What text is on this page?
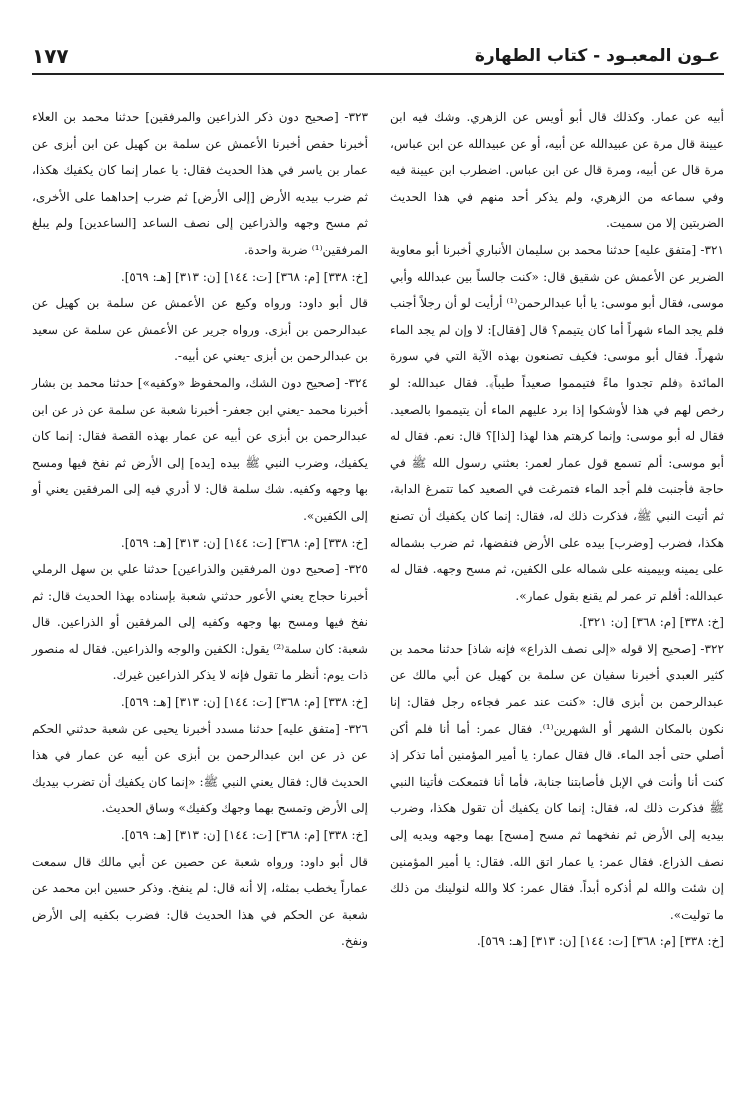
١٧٧	عـون المعبـود - كتاب الطهارة

أبيه عن عمار. وكذلك قال أبو أويس عن الزهري. وشك فيه ابن عيينة قال مرة عن عبيدالله عن أبيه، أو عن عبيدالله عن ابن عباس، مرة قال عن أبيه، ومرة قال عن ابن عباس. اضطرب ابن عيينة فيه وفي سماعه من الزهري، ولم يذكر أحد منهم في هذا الحديث الضربتين إلا من سميت.

٣٢١- [متفق عليه] حدثنا محمد بن سليمان الأنباري أخبرنا أبو معاوية الضرير عن الأعمش عن شقيق قال: «كنت جالساً بين عبدالله وأبي موسى، فقال أبو موسى: يا أبا عبدالرحمن⁽¹⁾ أرأيت لو أن رجلاً أجنب فلم يجد الماء شهراً أما كان يتيمم؟ قال [فقال]: لا وإن لم يجد الماء شهراً. فقال أبو موسى: فكيف تصنعون بهذه الآية التي في سورة المائدة ﴿فلم تجدوا ماءً فتيمموا صعيداً طيباً﴾. فقال عبدالله: لو رخص لهم في هذا لأوشكوا إذا برد عليهم الماء أن يتيمموا بالصعيد. فقال له أبو موسى: وإنما كرهتم هذا لهذا [لذا]؟ قال: نعم. فقال له أبو موسى: ألم تسمع قول عمار لعمر: بعثني رسول الله ﷺ في حاجة فأجنبت فلم أجد الماء فتمرغت في الصعيد كما تتمرغ الدابة، ثم أتيت النبي ﷺ، فذكرت ذلك له، فقال: إنما كان يكفيك أن تصنع هكذا، فضرب [وضرب] بيده على الأرض فنفضها، ثم ضرب بشماله على يمينه وبيمينه على شماله على الكفين، ثم مسح وجهه. فقال له عبدالله: أفلم تر عمر لم يقنع بقول عمار».

[خ: ٣٣٨] [م: ٣٦٨] [ن: ٣٢١].

٣٢٢- [صحيح إلا قوله «إلى نصف الذراع» فإنه شاذ] حدثنا محمد بن كثير العبدي أخبرنا سفيان عن سلمة بن كهيل عن أبي مالك عن عبدالرحمن بن أبزى قال: «كنت عند عمر فجاءه رجل فقال: إنا نكون بالمكان الشهر أو الشهرين⁽¹⁾. فقال عمر: أما أنا فلم أكن أصلي حتى أجد الماء. قال فقال عمار: يا أمير المؤمنين أما تذكر إذ كنت أنا وأنت في الإبل فأصابتنا جنابة، فأما أنا فتمعكت فأتينا النبي ﷺ فذكرت ذلك له، فقال: إنما كان يكفيك أن تقول هكذا، وضرب بيديه إلى الأرض ثم نفخهما ثم مسح [مسح] بهما وجهه ويديه إلى نصف الذراع. فقال عمر: يا عمار اتق الله. فقال: يا أمير المؤمنين إن شئت والله لم أذكره أبداً. فقال عمر: كلا والله لنولينك من ذلك ما توليت».

[خ: ٣٣٨] [م: ٣٦٨] [ت: ١٤٤] [ن: ٣١٣] [هـ: ٥٦٩].

٣٢٣- [صحيح دون ذكر الذراعين والمرفقين] حدثنا محمد بن العلاء أخبرنا حفص أخبرنا الأعمش عن سلمة بن كهيل عن ابن أبزى عن عمار بن ياسر في هذا الحديث فقال: يا عمار إنما كان يكفيك هكذا، ثم ضرب بيديه الأرض [إلى الأرض] ثم ضرب إحداهما على الأخرى، ثم مسح وجهه والذراعين إلى نصف الساعد [الساعدين] ولم يبلغ المرفقين⁽¹⁾ ضربة واحدة.

[خ: ٣٣٨] [م: ٣٦٨] [ت: ١٤٤] [ن: ٣١٣] [هـ: ٥٦٩].

قال أبو داود: ورواه وكيع عن الأعمش عن سلمة بن كهيل عن عبدالرحمن بن أبزى. ورواه جرير عن الأعمش عن سلمة عن سعيد بن عبدالرحمن بن أبزى -يعني عن أبيه-.

٣٢٤- [صحيح دون الشك، والمحفوظ «وكفيه»] حدثنا محمد بن بشار أخبرنا محمد -يعني ابن جعفر- أخبرنا شعبة عن سلمة عن ذر عن ابن عبدالرحمن بن أبزى عن أبيه عن عمار بهذه القصة فقال: إنما كان يكفيك، وضرب النبي ﷺ بيده [يده] إلى الأرض ثم نفخ فيها ومسح بها وجهه وكفيه. شك سلمة قال: لا أدري فيه إلى المرفقين يعني أو إلى الكفين».

[خ: ٣٣٨] [م: ٣٦٨] [ت: ١٤٤] [ن: ٣١٣] [هـ: ٥٦٩].

٣٢٥- [صحيح دون المرفقين والذراعين] حدثنا علي بن سهل الرملي أخبرنا حجاج يعني الأعور حدثني شعبة بإسناده بهذا الحديث قال: ثم نفخ فيها ومسح بها وجهه وكفيه إلى المرفقين أو الذراعين. قال شعبة: كان سلمة⁽²⁾ يقول: الكفين والوجه والذراعين. فقال له منصور ذات يوم: أنظر ما تقول فإنه لا يذكر الذراعين غيرك.

[خ: ٣٣٨] [م: ٣٦٨] [ت: ١٤٤] [ن: ٣١٣] [هـ: ٥٦٩].

٣٢٦- [متفق عليه] حدثنا مسدد أخبرنا يحيى عن شعبة حدثني الحكم عن ذر عن ابن عبدالرحمن بن أبزى عن أبيه عن عمار في هذا الحديث قال: فقال يعني النبي ﷺ: «إنما كان يكفيك أن تضرب بيديك إلى الأرض وتمسح بهما وجهك وكفيك» وساق الحديث.

[خ: ٣٣٨] [م: ٣٦٨] [ت: ١٤٤] [ن: ٣١٣] [هـ: ٥٦٩].

قال أبو داود: ورواه شعبة عن حصين عن أبي مالك قال سمعت عماراً يخطب بمثله، إلا أنه قال: لم ينفخ. وذكر حسين ابن محمد عن شعبة عن الحكم في هذا الحديث قال: فضرب بكفيه إلى الأرض ونفخ.
